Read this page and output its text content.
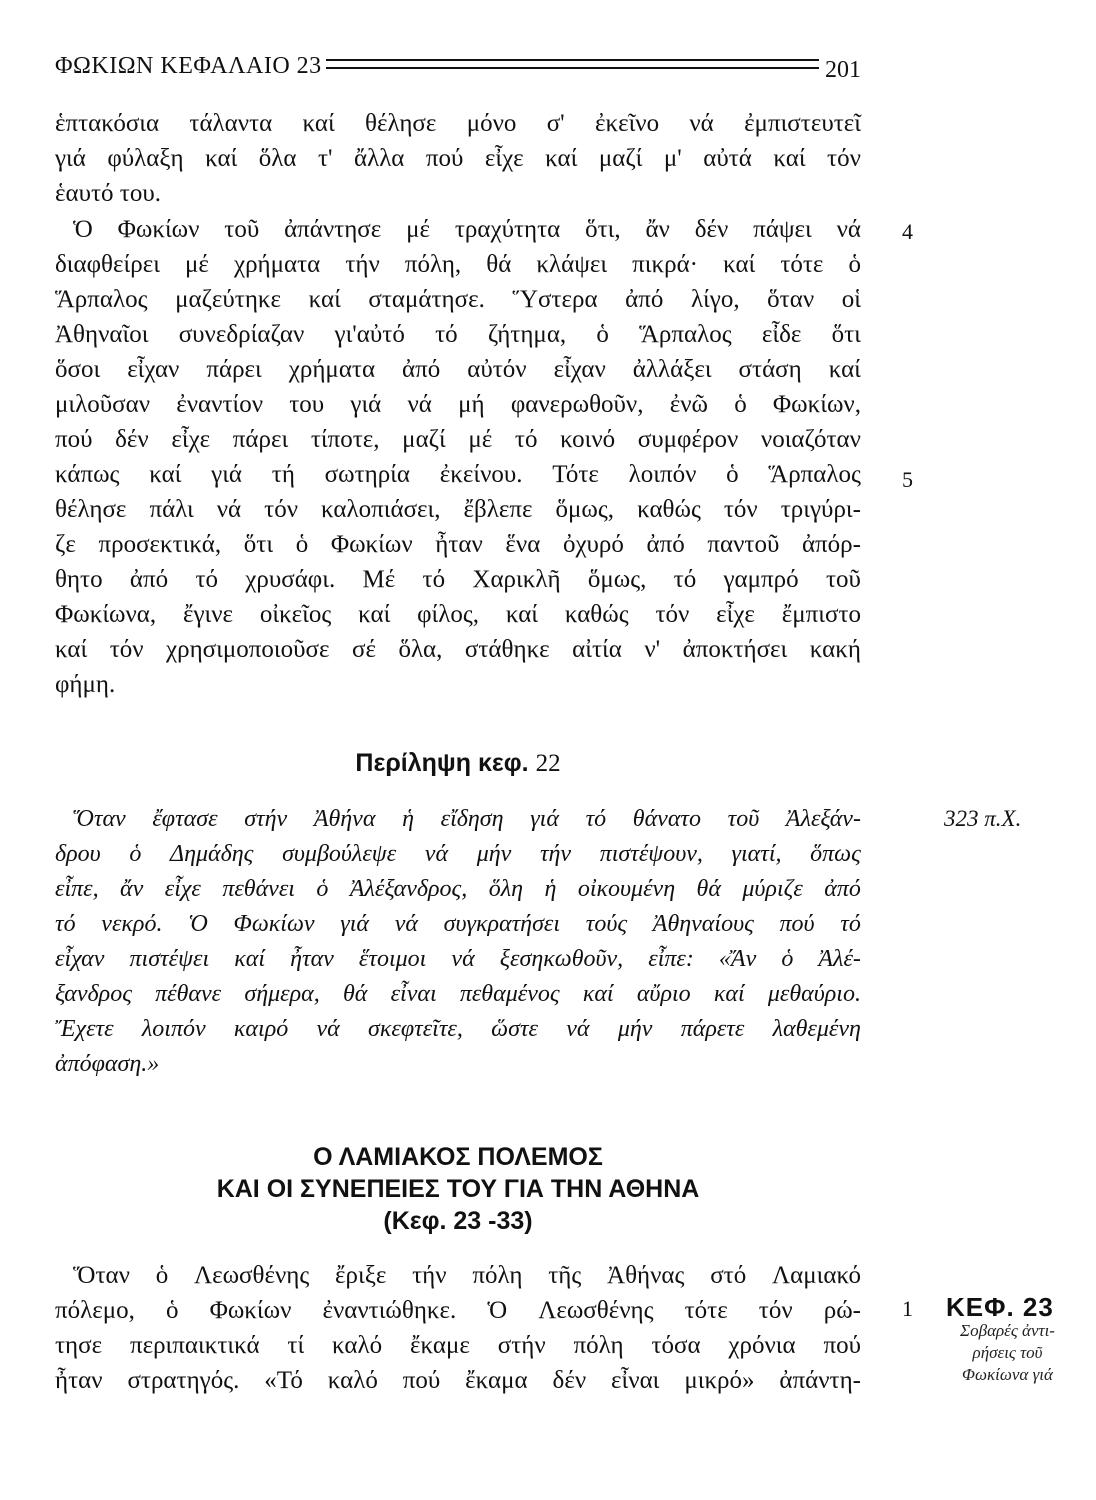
ΦΩΚΙΩΝ ΚΕΦΑΛΑΙΟ 23	201
ἑπτακόσια τάλαντα καί θέλησε μόνο σ' ἐκεῖνο νά ἐμπιστευτεῖ
γιά φύλαξη καί ὅλα τ' ἄλλα πού εἶχε καί μαζί μ' αὐτά καί τόν
ἑαυτό του.
Ὁ Φωκίων τοῦ ἀπάντησε μέ τραχύτητα ὅτι, ἄν δέν πάψει νά
διαφθείρει μέ χρήματα τήν πόλη, θά κλάψει πικρά· καί τότε ὁ
Ἅρπαλος μαζεύτηκε καί σταμάτησε. Ὕστερα ἀπό λίγο, ὅταν οἱ
Ἀθηναῖοι συνεδρίαζαν γι'αὐτό τό ζήτημα, ὁ Ἅρπαλος εἶδε ὅτι
ὅσοι εἶχαν πάρει χρήματα ἀπό αὐτόν εἶχαν ἀλλάξει στάση καί
μιλοῦσαν ἐναντίον του γιά νά μή φανερωθοῦν, ἐνῶ ὁ Φωκίων,
πού δέν εἶχε πάρει τίποτε, μαζί μέ τό κοινό συμφέρον νοιαζόταν
κάπως καί γιά τή σωτηρία ἐκείνου. Τότε λοιπόν ὁ Ἅρπαλος
θέλησε πάλι νά τόν καλοπιάσει, ἔβλεπε ὅμως, καθώς τόν τριγύρι-
ζε προσεκτικά, ὅτι ὁ Φωκίων ἦταν ἕνα ὀχυρό ἀπό παντοῦ ἀπόρ-
θητο ἀπό τό χρυσάφι. Μέ τό Χαρικλῆ ὅμως, τό γαμπρό τοῦ
Φωκίωνα, ἔγινε οἰκεῖος καί φίλος, καί καθώς τόν εἶχε ἔμπιστο
καί τόν χρησιμοποιοῦσε σέ ὅλα, στάθηκε αἰτία ν' ἀποκτήσει κακή
φήμη.
4
5
Περίληψη κεφ. 22
Ὅταν ἔφτασε στήν Ἀθήνα ἡ εἴδηση γιά τό θάνατο τοῦ Ἀλεξάν-
δρου ὁ Δημάδης συμβούλεψε νά μήν τήν πιστέψουν, γιατί, ὅπως
εἶπε, ἄν εἶχε πεθάνει ὁ Ἀλέξανδρος, ὅλη ἡ οἰκουμένη θά μύριζε ἀπό
τό νεκρό. Ὁ Φωκίων γιά νά συγκρατήσει τούς Ἀθηναίους πού τό
εἶχαν πιστέψει καί ἦταν ἕτοιμοι νά ξεσηκωθοῦν, εἶπε: «Ἄν ὁ Ἀλέ-
ξανδρος πέθανε σήμερα, θά εἶναι πεθαμένος καί αὔριο καί μεθαύριο.
Ἔχετε λοιπόν καιρό νά σκεφτεῖτε, ὥστε νά μήν πάρετε λαθεμένη
ἀπόφαση.»
323 π.Χ.
Ο ΛΑΜΙΑΚΟΣ ΠΟΛΕΜΟΣ
ΚΑΙ ΟΙ ΣΥΝΕΠΕΙΕΣ ΤΟΥ ΓΙΑ ΤΗΝ ΑΘΗΝΑ
(Κεφ. 23 -33)
Ὅταν ὁ Λεωσθένης ἔριξε τήν πόλη τῆς Ἀθήνας στό Λαμιακό
πόλεμο, ὁ Φωκίων ἐναντιώθηκε. Ὁ Λεωσθένης τότε τόν ρώ-
τησε περιπαικτικά τί καλό ἔκαμε στήν πόλη τόσα χρόνια πού
ἦταν στρατηγός. «Τό καλό πού ἔκαμα δέν εἶναι μικρό» ἀπάντη-
1 ΚΕΦ. 23
Σοβαρές ἀντι-
ρήσεις τοῦ
Φωκίωνα γιά
